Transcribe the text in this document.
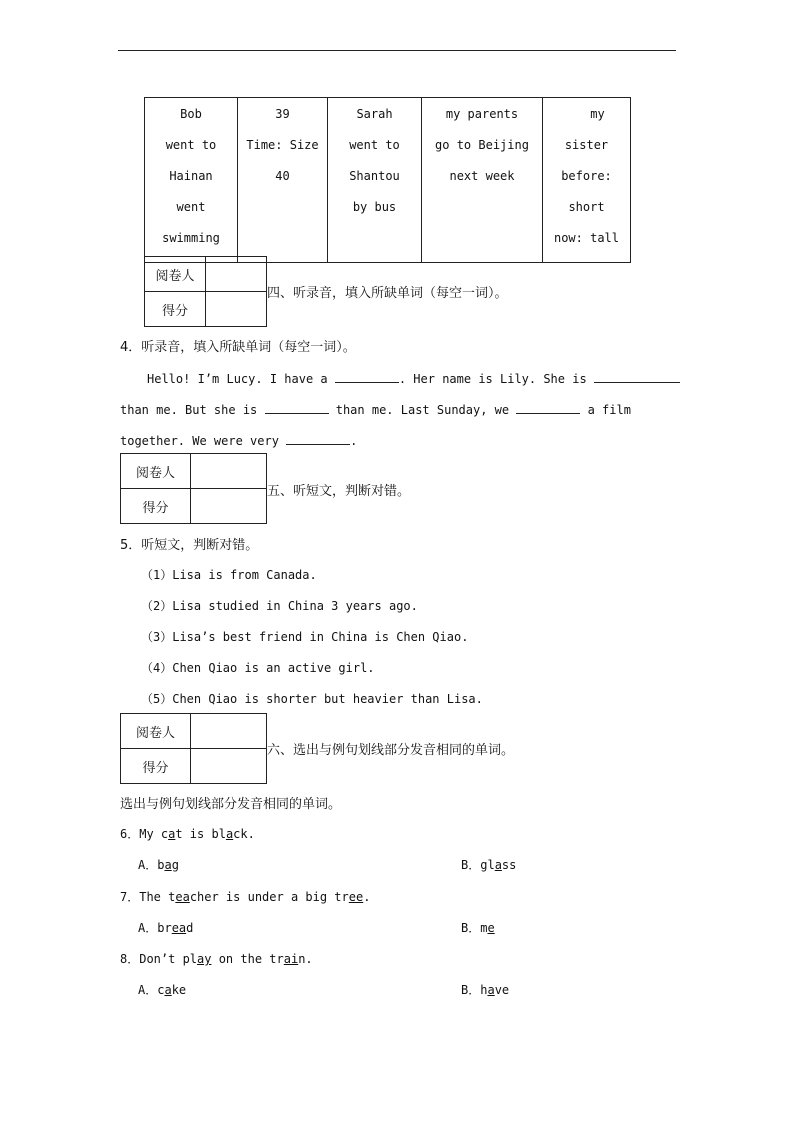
Bob
went to
Hainan
went
swimming

39
Time: Size
40

Sarah
went to
Shantou
by bus

my parents
go to Beijing
next week

my
sister
before:
short
now: tall
阅卷人	
得分	
四、听录音，填入所缺单词（每空一词）。
4．听录音，填入所缺单词（每空一词）。
Hello! I’m Lucy. I have a	. Her name is Lily. She is
than me. But she is	than me. Last Sunday, we	a film
together. We were very	.
阅卷人	
得分	
五、听短文，判断对错。
5．听短文，判断对错。
（1）Lisa is from Canada.
（2）Lisa studied in China 3 years ago.
（3）Lisa’s best friend in China is Chen Qiao.
（4）Chen Qiao is an active girl.
（5）Chen Qiao is shorter but heavier than Lisa.
阅卷人	
得分	
六、选出与例句划线部分发音相同的单词。
选出与例句划线部分发音相同的单词。
6．My cat is black.
A．bag	B．glass
7．The teacher is under a big tree.
A．bread	B．me
8．Don’t play on the train.
A．cake	B．have
